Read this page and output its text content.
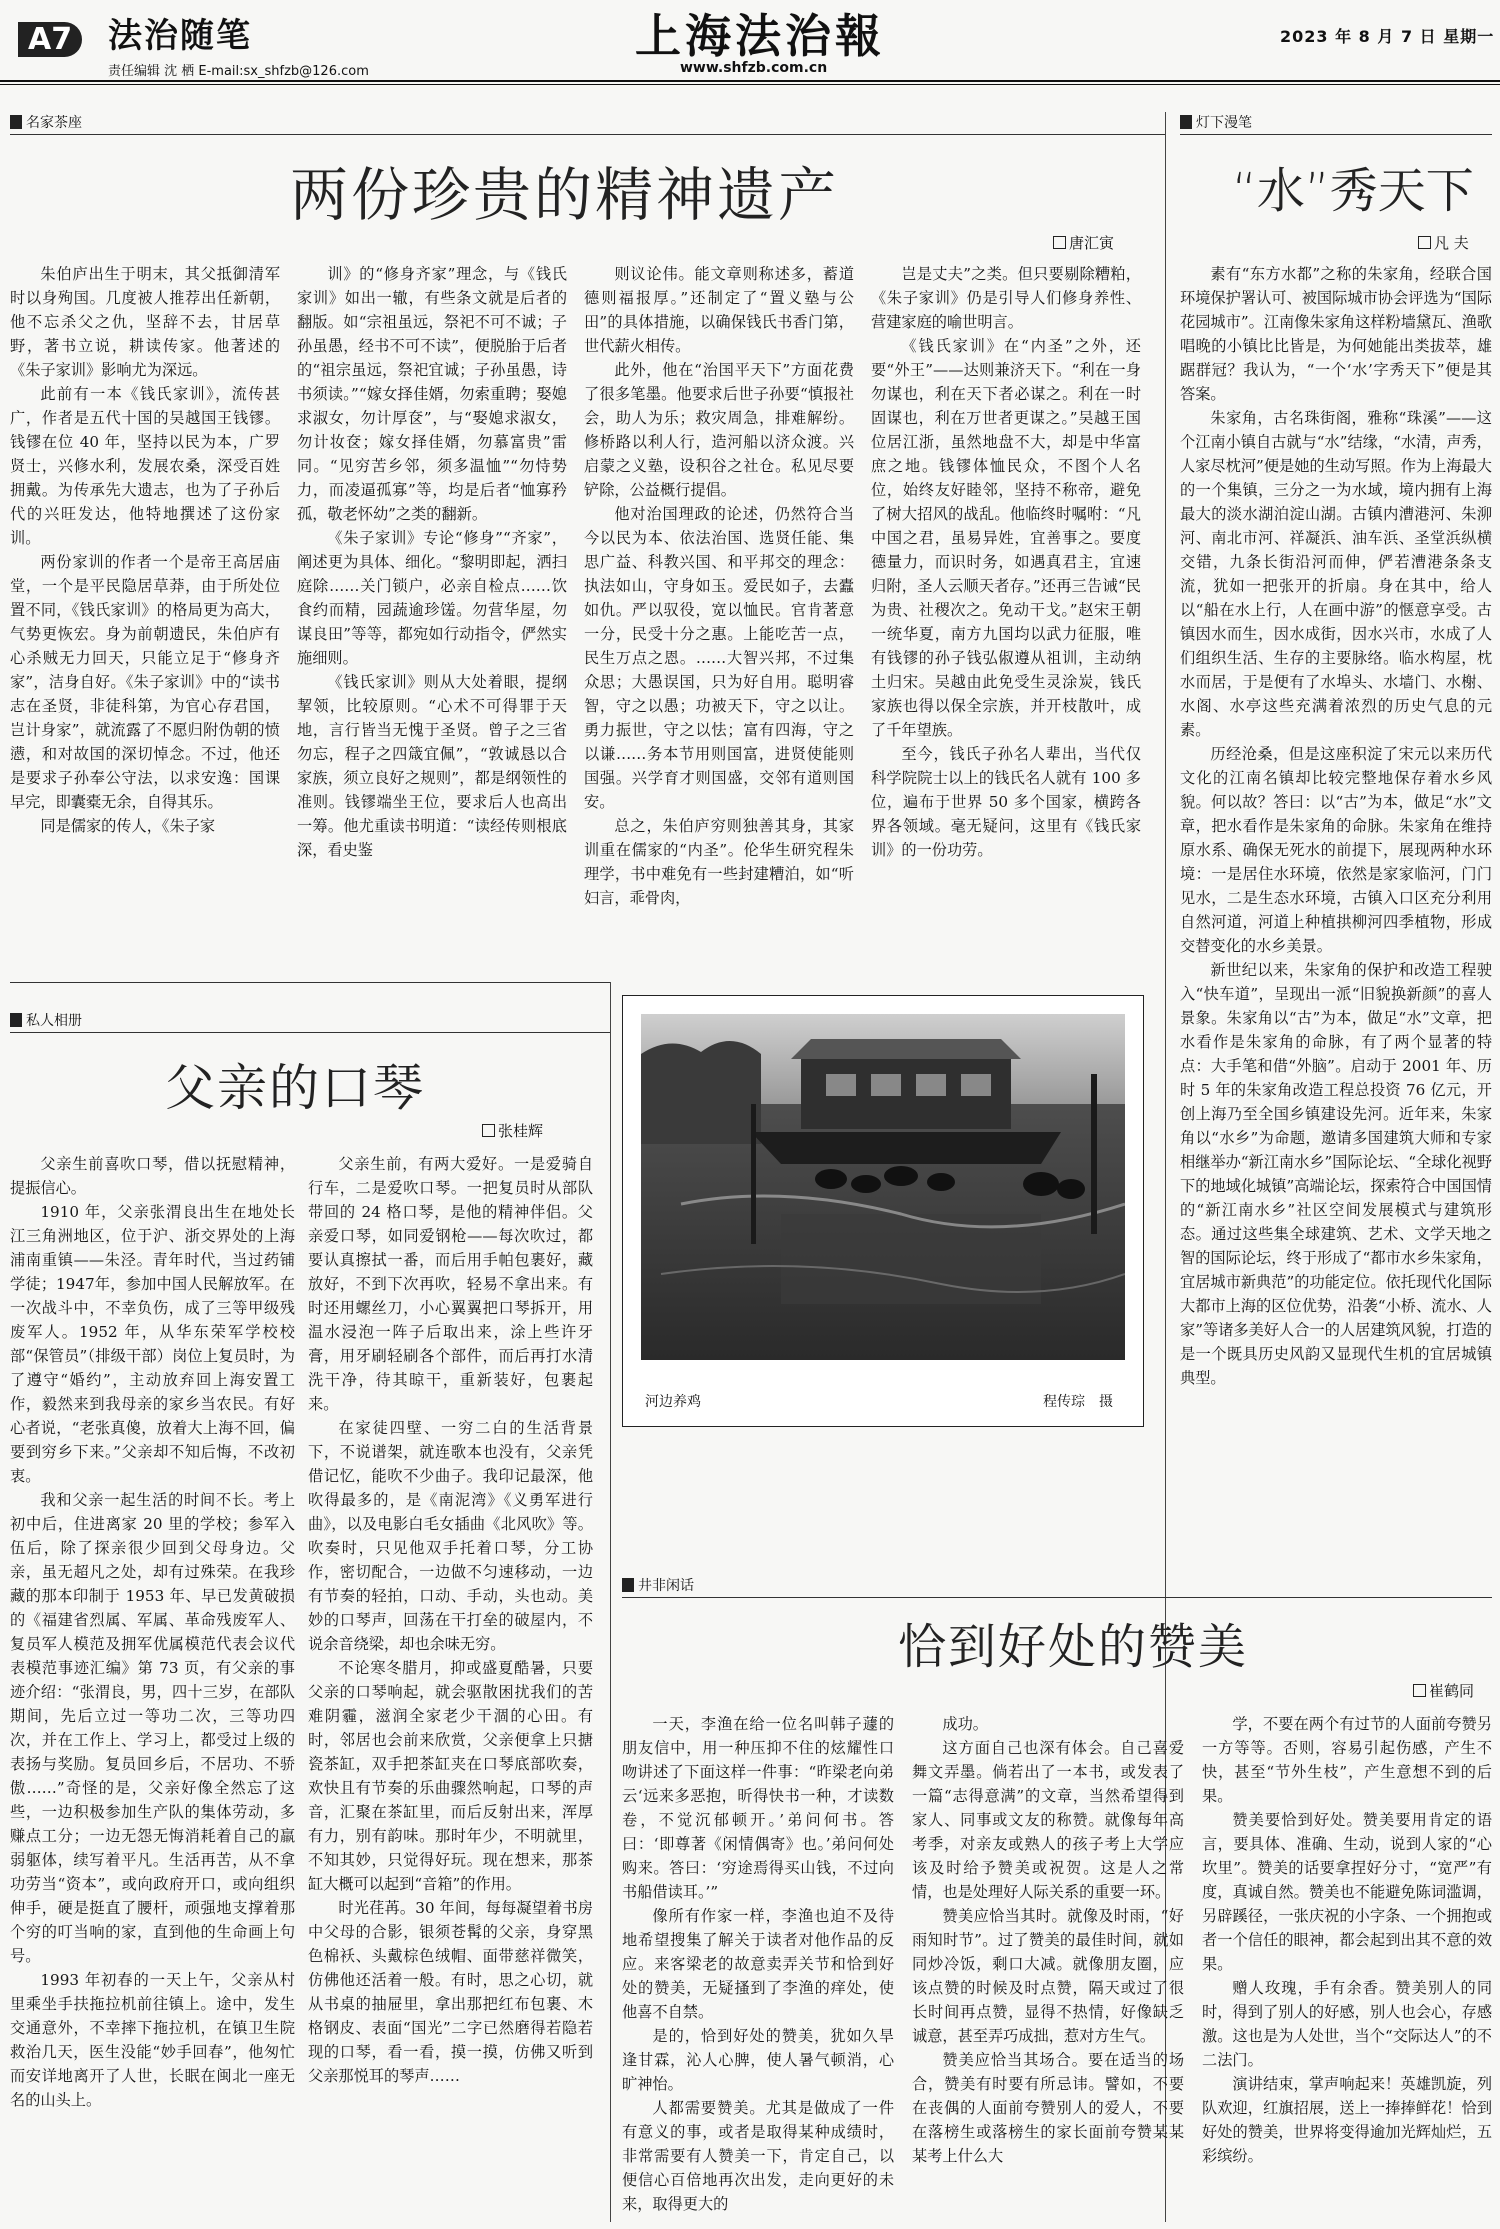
A7 法治随笔
责任编辑 沈 栖 E-mail:sx_shfzb@126.com
上海法治報
www.shfzb.com.cn
2023 年 8 月 7 日 星期一
名家茶座
两份珍贵的精神遗产
唐汇寅

朱伯庐出生于明末，其父抵御清军时以身殉国。几度被人推荐出任新朝，他不忘杀父之仇，坚辞不去，甘居草野，著书立说，耕读传家。他著述的《朱子家训》影响尤为深远。

此前有一本《钱氏家训》，流传甚广，作者是五代十国的吴越国王钱镠。钱镠在位 40 年，坚持以民为本，广罗贤士，兴修水利，发展农桑，深受百姓拥戴。为传承先大遗志，也为了子孙后代的兴旺发达，他特地撰述了这份家训。

两份家训的作者一个是帝王高居庙堂，一个是平民隐居草莽，由于所处位置不同，《钱氏家训》的格局更为高大，气势更恢宏。身为前朝遗民，朱伯庐有心杀贼无力回天，只能立足于“修身齐家”，洁身自好。《朱子家训》中的“读书志在圣贤，非徒科第，为官心存君国，岂计身家”，就流露了不愿归附伪朝的愤懑，和对故国的深切悼念。不过，他还是要求子孙奉公守法，以求安逸：国课早完，即囊橐无余，自得其乐。

同是儒家的传人，《朱子家

训》的“修身齐家”理念，与《钱氏家训》如出一辙，有些条文就是后者的翻版。如“宗祖虽远，祭祀不可不诚；子孙虽愚，经书不可不读”，便脱胎于后者的“祖宗虽远，祭祀宜诚；子孙虽愚，诗书须读。”“嫁女择佳婿，勿索重聘；娶媳求淑女，勿计厚奁”，与“娶媳求淑女，勿计妆奁；嫁女择佳婿，勿慕富贵”雷同。“见穷苦乡邻，须多温恤”“勿恃势力，而凌逼孤寡”等，均是后者“恤寡矜孤，敬老怀幼”之类的翻新。

《朱子家训》专论“修身”“齐家”，阐述更为具体、细化。“黎明即起，洒扫庭除……关门锁户，必亲自检点……饮食约而精，园蔬逾珍馐。勿营华屋，勿谋良田”等等，都宛如行动指令，俨然实施细则。

《钱氏家训》则从大处着眼，提纲挈领，比较原则。“心术不可得罪于天地，言行皆当无愧于圣贤。曾子之三省勿忘，程子之四箴宜佩”，“敦诚恳以合家族，须立良好之规则”，都是纲领性的准则。钱镠端坐王位，要求后人也高出一筹。他尤重读书明道：“读经传则根底深，看史鉴

则议论伟。能文章则称述多，蓄道德则福报厚。”还制定了“置义塾与公田”的具体措施，以确保钱氏书香门第，世代薪火相传。

此外，他在“治国平天下”方面花费了很多笔墨。他要求后世子孙要“慎报社会，助人为乐；救灾周急，排难解纷。修桥路以利人行，造河船以济众渡。兴启蒙之义塾，设积谷之社仓。私见尽要铲除，公益概行提倡。

他对治国理政的论述，仍然符合当今以民为本、依法治国、选贤任能、集思广益、科教兴国、和平邦交的理念：执法如山，守身如玉。爱民如子，去蠹如仇。严以驭役，宽以恤民。官肯著意一分，民受十分之惠。上能吃苦一点，民生万点之恩。……大智兴邦，不过集众思；大愚误国，只为好自用。聪明睿智，守之以愚；功被天下，守之以让。勇力振世，守之以怯；富有四海，守之以谦……务本节用则国富，进贤使能则国强。兴学育才则国盛，交邻有道则国安。

总之，朱伯庐穷则独善其身，其家训重在儒家的“内圣”。伦华生研究程朱理学，书中难免有一些封建糟泊，如“听妇言，乖骨肉，

岂是丈夫”之类。但只要剔除糟粕，《朱子家训》仍是引导人们修身养性、营建家庭的喻世明言。

《钱氏家训》在“内圣”之外，还要“外王”——达则兼济天下。“利在一身勿谋也，利在天下者必谋之。利在一时固谋也，利在万世者更谋之。”吴越王国位居江浙，虽然地盘不大，却是中华富庶之地。钱镠体恤民众，不图个人名位，始终友好睦邻，坚持不称帝，避免了树大招风的战乱。他临终时嘱咐：“凡中国之君，虽易异姓，宜善事之。要度德量力，而识时务，如遇真君主，宜速归附，圣人云顺天者存。”还再三告诫“民为贵、社稷次之。免动干戈。”赵宋王朝一统华夏，南方九国均以武力征服，唯有钱镠的孙子钱弘俶遵从祖训，主动纳土归宋。吴越由此免受生灵涂炭，钱氏家族也得以保全宗族，并开枝散叶，成了千年望族。

至今，钱氏子孙名人辈出，当代仅科学院院士以上的钱氏名人就有 100 多位，遍布于世界 50 多个国家，横跨各界各领域。毫无疑问，这里有《钱氏家训》的一份功劳。

灯下漫笔
“水”秀天下
凡 夫

素有“东方水都”之称的朱家角，经联合国环境保护署认可、被国际城市协会评选为“国际花园城市”。江南像朱家角这样粉墙黛瓦、渔歌唱晚的小镇比比皆是，为何她能出类拔萃，雄踞群冠？我认为，“一个‘水’字秀天下”便是其答案。

朱家角，古名珠街阁，雅称“珠溪”——这个江南小镇自古就与“水”结缘，“水清，声秀，人家尽枕河”便是她的生动写照。作为上海最大的一个集镇，三分之一为水域，境内拥有上海最大的淡水湖泊淀山湖。古镇内漕港河、朱泖河、南北市河、祥凝浜、油车浜、圣堂浜纵横交错，九条长街沿河而伸，俨若漕港条条支流，犹如一把张开的折扇。身在其中，给人以“船在水上行，人在画中游”的惬意享受。古镇因水而生，因水成街，因水兴市，水成了人们组织生活、生存的主要脉络。临水构屋，枕水而居，于是便有了水埠头、水墙门、水榭、水阁、水亭这些充满着浓烈的历史气息的元素。

历经沧桑，但是这座积淀了宋元以来历代文化的江南名镇却比较完整地保存着水乡风貌。何以故？答曰：以“古”为本，做足“水”文章，把水看作是朱家角的命脉。朱家角在维持原水系、确保无死水的前提下，展现两种水环境：一是居住水环境，依然是家家临河，门门见水，二是生态水环境，古镇入口区充分利用自然河道，河道上种植拱柳河四季植物，形成交替变化的水乡美景。

新世纪以来，朱家角的保护和改造工程驶入“快车道”，呈现出一派“旧貌换新颜”的喜人景象。朱家角以“古”为本，做足“水”文章，把水看作是朱家角的命脉，有了两个显著的特点：大手笔和借“外脑”。启动于 2001 年、历时 5 年的朱家角改造工程总投资 76 亿元，开创上海乃至全国乡镇建设先河。近年来，朱家角以“水乡”为命题，邀请多国建筑大师和专家相继举办“新江南水乡”国际论坛、“全球化视野下的地域化城镇”高端论坛，探索符合中国国情的“新江南水乡”社区空间发展模式与建筑形态。通过这些集全球建筑、艺术、文学天地之智的国际论坛，终于形成了“都市水乡朱家角，宜居城市新典范”的功能定位。依托现代化国际大都市上海的区位优势，沿袭“小桥、流水、人家”等诸多美好人合一的人居建筑风貌，打造的是一个既具历史风韵又显现代生机的宜居城镇典型。

私人相册
父亲的口琴
张桂辉

父亲生前喜吹口琴，借以抚慰精神，提振信心。

1910 年，父亲张渭良出生在地处长江三角洲地区，位于沪、浙交界处的上海浦南重镇——朱泾。青年时代，当过药铺学徒；1947年，参加中国人民解放军。在一次战斗中，不幸负伤，成了三等甲级残废军人。1952 年，从华东荣军学校校部“保管员”（排级干部）岗位上复员时，为了遵守“婚约”，主动放弃回上海安置工作，毅然来到我母亲的家乡当农民。有好心者说，“老张真傻，放着大上海不回，偏要到穷乡下来。”父亲却不知后悔，不改初衷。

我和父亲一起生活的时间不长。考上初中后，住进离家 20 里的学校；参军入伍后，除了探亲很少回到父母身边。父亲，虽无超凡之处，却有过殊荣。在我珍藏的那本印制于 1953 年、早已发黄破损的《福建省烈属、军属、革命残废军人、复员军人模范及拥军优属模范代表会议代表模范事迹汇编》第 73 页，有父亲的事迹介绍：“张渭良，男，四十三岁，在部队期间，先后立过一等功二次，三等功四次，并在工作上、学习上，都受过上级的表扬与奖励。复员回乡后，不居功、不骄傲……”奇怪的是，父亲好像全然忘了这些，一边积极参加生产队的集体劳动，多赚点工分；一边无怨无悔消耗着自己的羸弱躯体，续写着平凡。生活再苦，从不拿功劳当“资本”，或向政府开口，或向组织伸手，硬是挺直了腰杆，顽强地支撑着那个穷的叮当响的家，直到他的生命画上句号。

1993 年初春的一天上午，父亲从村里乘坐手扶拖拉机前往镇上。途中，发生交通意外，不幸摔下拖拉机，在镇卫生院救治几天，医生没能“妙手回春”，他匆忙而安详地离开了人世，长眠在闽北一座无名的山头上。

父亲生前，有两大爱好。一是爱骑自行车，二是爱吹口琴。一把复员时从部队带回的 24 格口琴，是他的精神伴侣。父亲爱口琴，如同爱钢枪——每次吹过，都要认真擦拭一番，而后用手帕包裹好，藏放好，不到下次再吹，轻易不拿出来。有时还用螺丝刀，小心翼翼把口琴拆开，用温水浸泡一阵子后取出来，涂上些许牙膏，用牙刷轻刷各个部件，而后再打水清洗干净，待其晾干，重新装好，包裹起来。

在家徒四壁、一穷二白的生活背景下，不说谱架，就连歌本也没有，父亲凭借记忆，能吹不少曲子。我印记最深，他吹得最多的，是《南泥湾》《义勇军进行曲》，以及电影白毛女插曲《北风吹》等。吹奏时，只见他双手托着口琴，分工协作，密切配合，一边做不匀速移动，一边有节奏的轻拍，口动、手动，头也动。美妙的口琴声，回荡在干打垒的破屋内，不说余音绕梁，却也余味无穷。

不论寒冬腊月，抑或盛夏酷暑，只要父亲的口琴响起，就会驱散困扰我们的苦难阴霾，滋润全家老少干涸的心田。有时，邻居也会前来欣赏，父亲便拿上只搪瓷茶缸，双手把茶缸夹在口琴底部吹奏，欢快且有节奏的乐曲骤然响起，口琴的声音，汇聚在茶缸里，而后反射出来，浑厚有力，别有韵味。那时年少，不明就里，不知其妙，只觉得好玩。现在想来，那茶缸大概可以起到“音箱”的作用。

时光荏苒。30 年间，每每凝望着书房中父母的合影，银须苍髯的父亲，身穿黑色棉袄、头戴棕色绒帽、面带慈祥微笑，仿佛他还活着一般。有时，思之心切，就从书桌的抽屉里，拿出那把红布包裹、木格钢皮、表面“国光”二字已然磨得若隐若现的口琴，看一看，摸一摸，仿佛又听到父亲那悦耳的琴声……

河边养鸡	程传琮　摄
井非闲话
恰到好处的赞美
崔鹤同

一天，李渔在给一位名叫韩子蘧的朋友信中，用一种压抑不住的炫耀性口吻讲述了下面这样一件事：“昨梁老向弟云‘远来多恶抱，昕得快书一种，才读数卷，不觉沉郁顿开。’弟问何书。答曰：‘即尊著《闲情偶寄》也。’弟问何处购来。答曰：‘穷途焉得买山钱，不过向书船借读耳。’”

像所有作家一样，李渔也迫不及待地希望搜集了解关于读者对他作品的反应。来客梁老的故意卖弄关节和恰到好处的赞美，无疑搔到了李渔的痒处，使他喜不自禁。

是的，恰到好处的赞美，犹如久旱逢甘霖，沁人心脾，使人暑气顿消，心旷神怡。

人都需要赞美。尤其是做成了一件有意义的事，或者是取得某种成绩时，非常需要有人赞美一下，肯定自己，以便信心百倍地再次出发，走向更好的未来，取得更大的

成功。

这方面自己也深有体会。自己喜爱舞文弄墨。倘若出了一本书，或发表了一篇“志得意满”的文章，当然希望得到家人、同事或文友的称赞。就像每年高考季，对亲友或熟人的孩子考上大学应该及时给予赞美或祝贺。这是人之常情，也是处理好人际关系的重要一环。

赞美应恰当其时。就像及时雨，“好雨知时节”。过了赞美的最佳时间，就如同炒冷饭，剩口大减。就像朋友圈，应该点赞的时候及时点赞，隔天或过了很长时间再点赞，显得不热情，好像缺乏诚意，甚至弄巧成拙，惹对方生气。

赞美应恰当其场合。要在适当的场合，赞美有时要有所忌讳。譬如，不要在丧偶的人面前夸赞别人的爱人，不要在落榜生或落榜生的家长面前夸赞某某某考上什么大

学，不要在两个有过节的人面前夸赞另一方等等。否则，容易引起伤感，产生不快，甚至“节外生枝”，产生意想不到的后果。

赞美要恰到好处。赞美要用肯定的语言，要具体、准确、生动，说到人家的“心坎里”。赞美的话要拿捏好分寸，“宽严”有度，真诚自然。赞美也不能避免陈词滥调，另辟蹊径，一张庆祝的小字条、一个拥抱或者一个信任的眼神，都会起到出其不意的效果。

赠人玫瑰，手有余香。赞美别人的同时，得到了别人的好感，别人也会心，存感激。这也是为人处世，当个“交际达人”的不二法门。

演讲结束，掌声响起来！英雄凯旋，列队欢迎，红旗招展，送上一捧捧鲜花！恰到好处的赞美，世界将变得逾加光辉灿烂，五彩缤纷。
